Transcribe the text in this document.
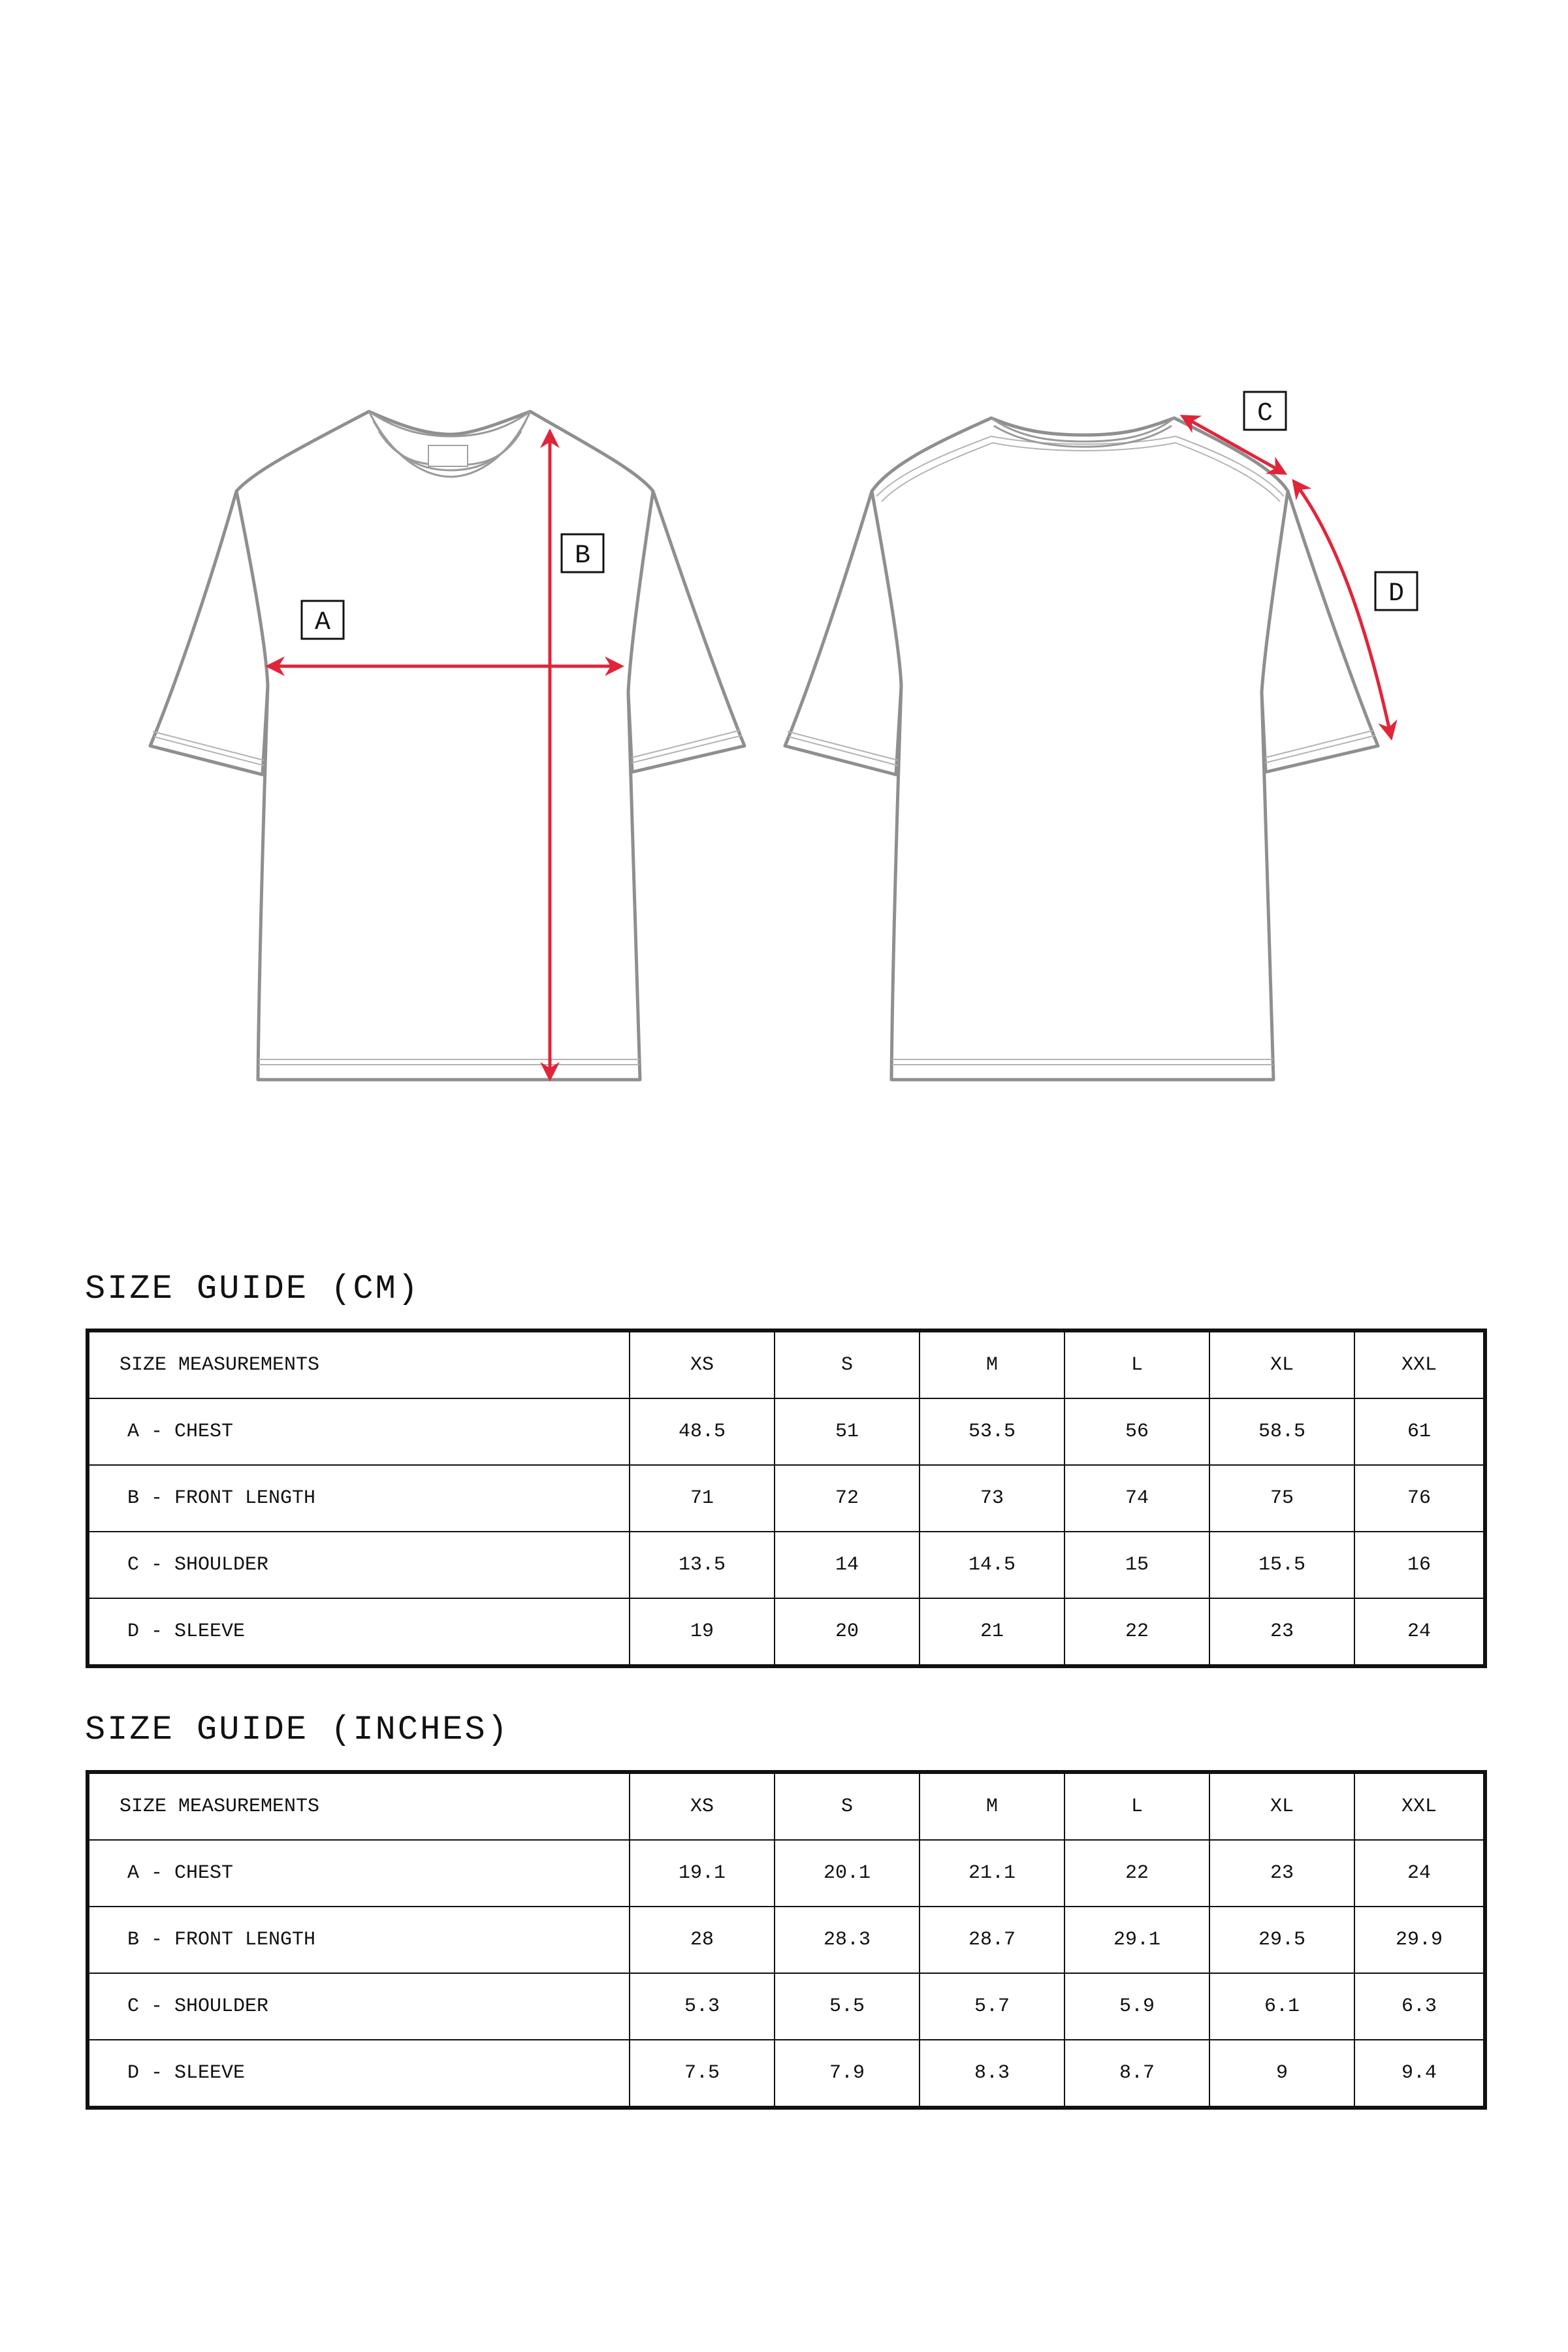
A
B
C
D
SIZE GUIDE (CM)
SIZE MEASUREMENTS	XS	S	M	L	XL	XXL
A - CHEST	48.5	51	53.5	56	58.5	61
B - FRONT LENGTH	71	72	73	74	75	76
C - SHOULDER	13.5	14	14.5	15	15.5	16
D - SLEEVE	19	20	21	22	23	24
SIZE GUIDE (INCHES)
SIZE MEASUREMENTS	XS	S	M	L	XL	XXL
A - CHEST	19.1	20.1	21.1	22	23	24
B - FRONT LENGTH	28	28.3	28.7	29.1	29.5	29.9
C - SHOULDER	5.3	5.5	5.7	5.9	6.1	6.3
D - SLEEVE	7.5	7.9	8.3	8.7	9	9.4
